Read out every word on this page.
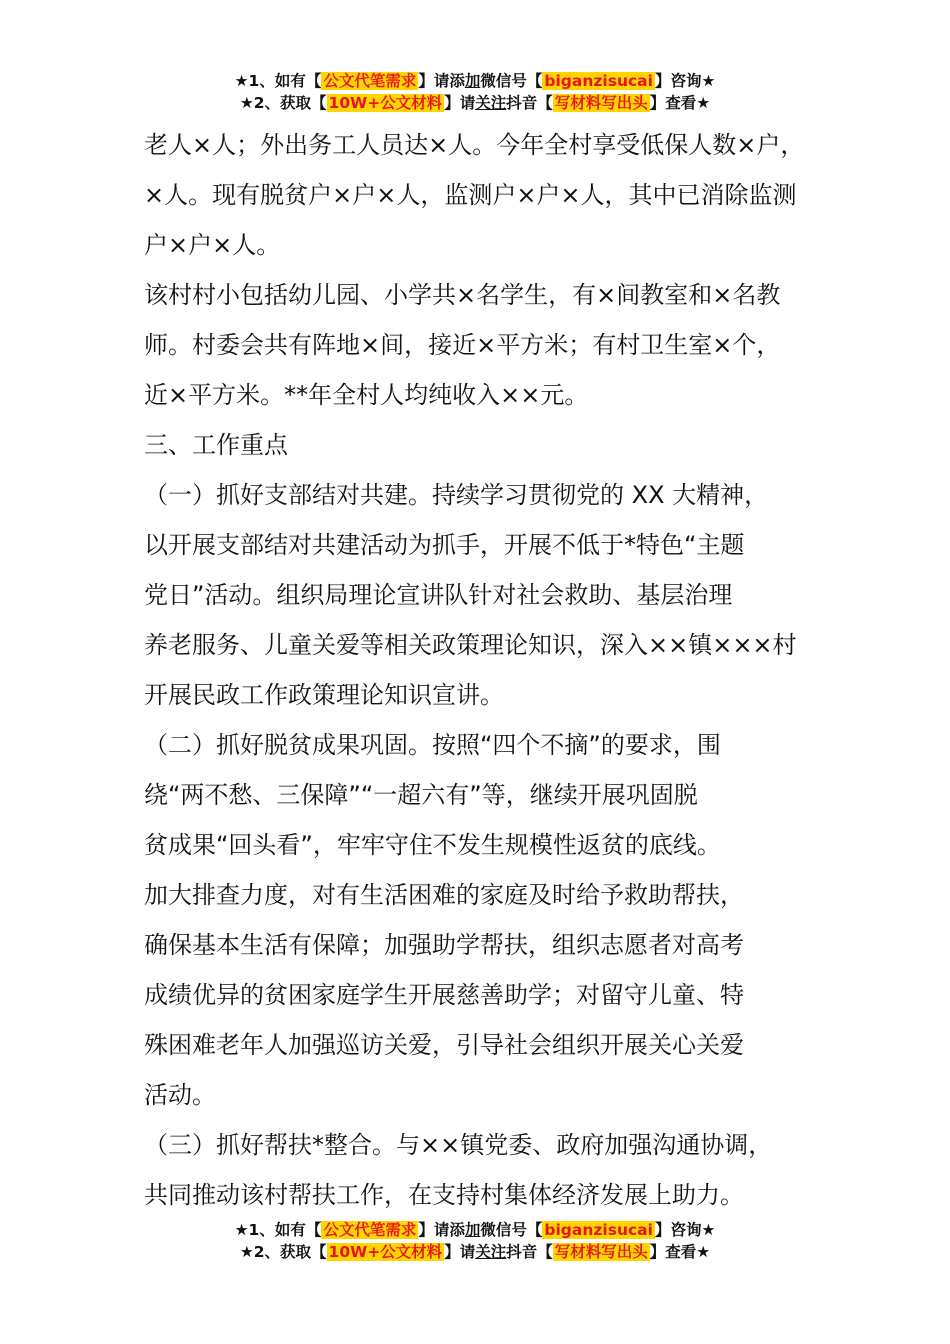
★1、如有【 公文代笔需求 】请添加微信号【 biganzisucai 】咨询★
★2、获取【 10W+公文材料 】请关注抖音【 写材料写出头 】查看★
老人×人；外出务工人员达×人。今年全村享受低保人数×户，
×人。现有脱贫户×户×人，监测户×户×人，其中已消除监测
户×户×人。
该村村小包括幼儿园、小学共×名学生，有×间教室和×名教
师。村委会共有阵地×间，接近×平方米；有村卫生室×个，
近×平方米。**年全村人均纯收入××元。
三、工作重点
（一）抓好支部结对共建。持续学习贯彻党的 XX 大精神，
以开展支部结对共建活动为抓手，开展不低于*特色“主题
党日”活动。组织局理论宣讲队针对社会救助、基层治理
养老服务、儿童关爱等相关政策理论知识，深入××镇×××村
开展民政工作政策理论知识宣讲。
（二）抓好脱贫成果巩固。按照“四个不摘”的要求，围
绕“两不愁、三保障”“一超六有”等，继续开展巩固脱
贫成果“回头看”，牢牢守住不发生规模性返贫的底线。
加大排查力度，对有生活困难的家庭及时给予救助帮扶，
确保基本生活有保障；加强助学帮扶，组织志愿者对高考
成绩优异的贫困家庭学生开展慈善助学；对留守儿童、特
殊困难老年人加强巡访关爱，引导社会组织开展关心关爱
活动。
（三）抓好帮扶*整合。与××镇党委、政府加强沟通协调，
共同推动该村帮扶工作，在支持村集体经济发展上助力。
★1、如有【 公文代笔需求 】请添加微信号【 biganzisucai 】咨询★
★2、获取【 10W+公文材料 】请关注抖音【 写材料写出头 】查看★
